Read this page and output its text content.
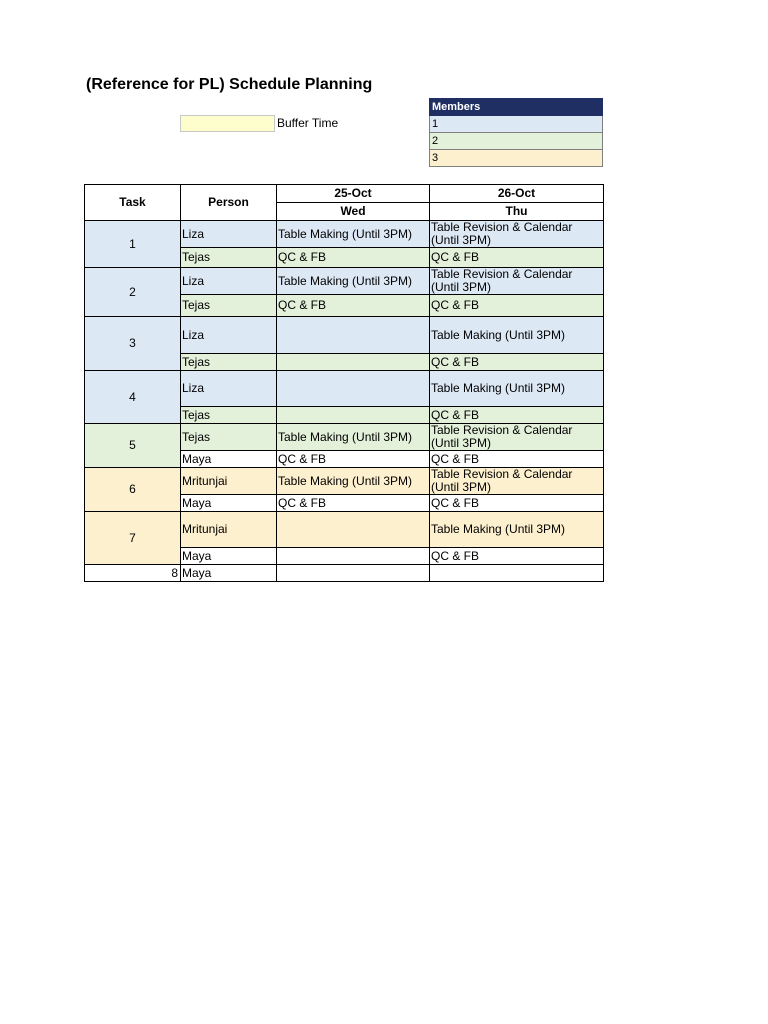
(Reference for PL) Schedule Planning
Buffer Time
Members
1
2
3
Task	Person	25-Oct	26-Oct
		Wed	Thu
1	Liza	Table Making (Until 3PM)	Table Revision & Calendar (Until 3PM)
	Tejas	QC & FB	QC & FB
2	Liza	Table Making (Until 3PM)	Table Revision & Calendar (Until 3PM)
	Tejas	QC & FB	QC & FB
3	Liza		Table Making (Until 3PM)
	Tejas		QC & FB
4	Liza		Table Making (Until 3PM)
	Tejas		QC & FB
5	Tejas	Table Making (Until 3PM)	Table Revision & Calendar (Until 3PM)
	Maya	QC & FB	QC & FB
6	Mritunjai	Table Making (Until 3PM)	Table Revision & Calendar (Until 3PM)
	Maya	QC & FB	QC & FB
7	Mritunjai		Table Making (Until 3PM)
	Maya		QC & FB
8	Maya		
